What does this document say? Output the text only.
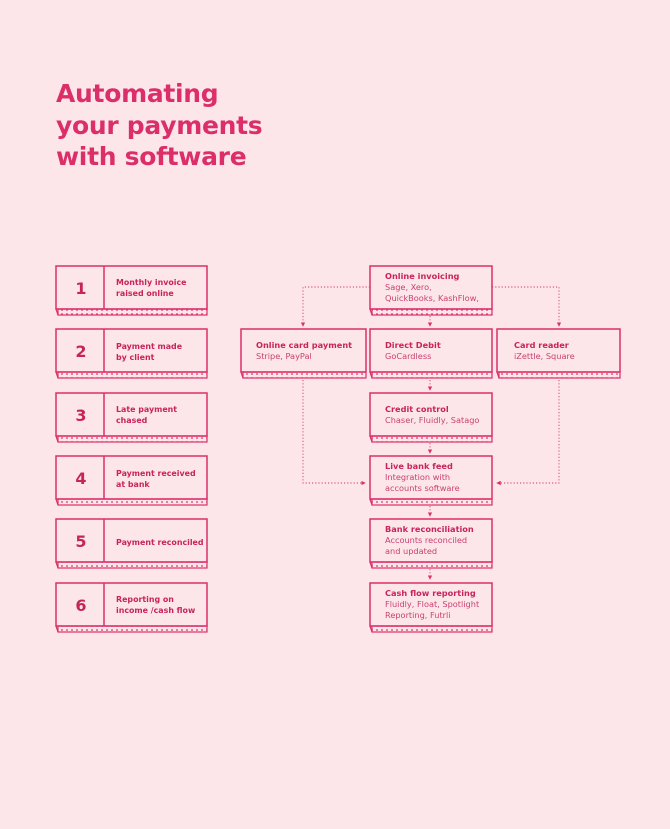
Automating
your payments
with software
1	Monthly invoice
raised online
2	Payment made
by client
3	Late payment
chased
4	Payment received
at bank
5	Payment reconciled
6	Reporting on
income /cash flow
Online invoicing
Sage, Xero,
QuickBooks, KashFlow,
Online card payment
Stripe, PayPal
Direct Debit
GoCardless
Card reader
iZettle, Square
Credit control
Chaser, Fluidly, Satago
Live bank feed
Integration with
accounts software
Bank reconciliation
Accounts reconciled
and updated
Cash flow reporting
Fluidly, Float, Spotlight
Reporting, Futrli
